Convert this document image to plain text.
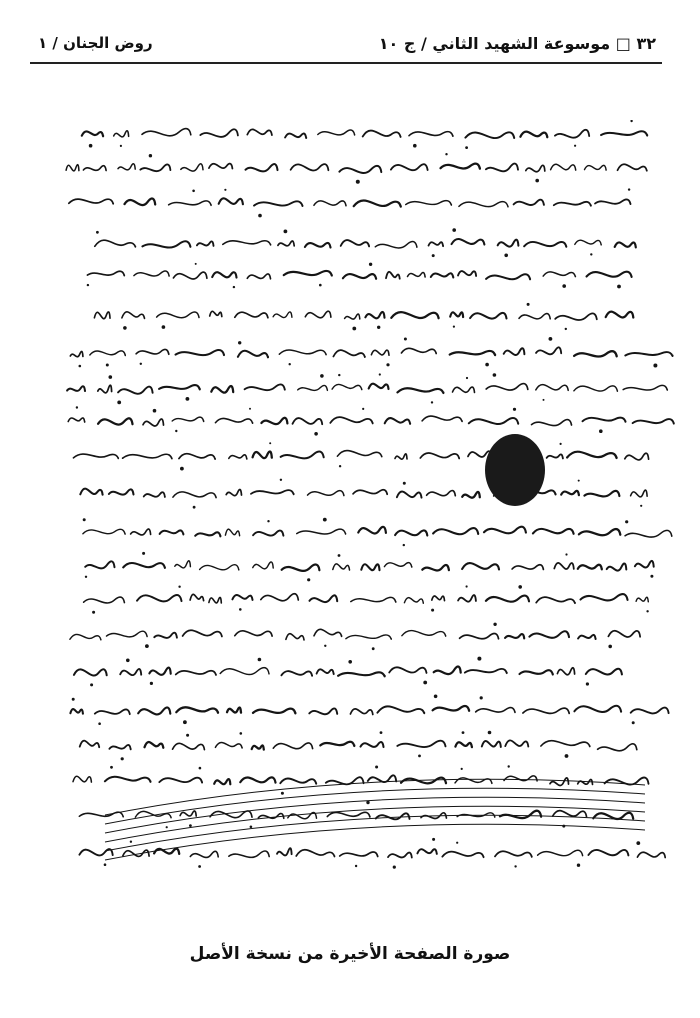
٣٢ □ موسوعة الشهيد الثاني / ج ١٠
روض الجنان / ١
صورة الصفحة الأخيرة من نسخة الأصل
